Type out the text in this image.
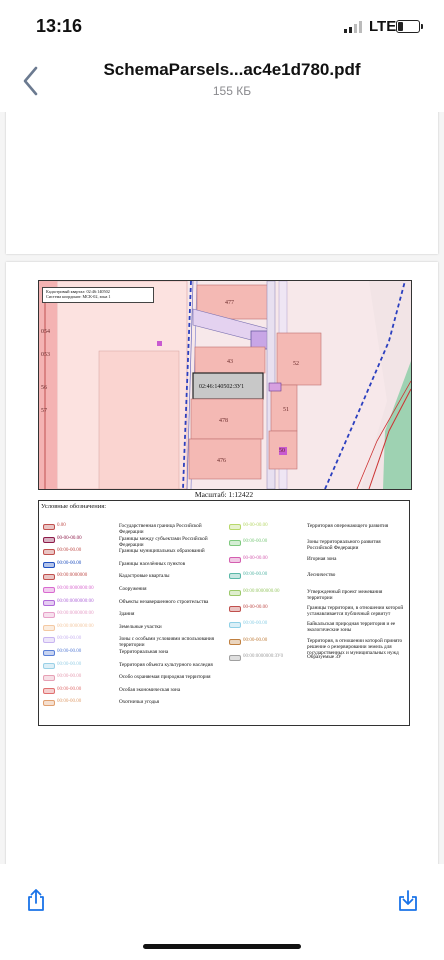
13:16	LTE
SchemaParsels...ac4e1d780.pdf
155 КБ
477
43	52
51
478
476
50
054
053
56
57
02:46:140502:ЗУ1
Кадастровый квартал: 02:46:140502
Система координат: МСК-02, зона 1
Масштаб: 1:12422
Условные обозначения:
0.00	Государственная граница Российской Федерации
00-00-00.00	Границы между субъектами Российской Федерации
00:00-00.00	Границы муниципальных образований
00:00-00.00	Границы населённых пунктов
00:00:0000000	Кадастровые кварталы
00:00:0000000:00	Сооружения
00:00:0000000:00	Объекты незавершенного строительства
00:00:0000000:00	Здания
00:00:0000000:00	Земельные участки
00:00-00.00	Зоны с особыми условиями использования территории
00:00-00.00	Территориальная зона
00:00-00.00	Территория объекта культурного наследия
00:00-00.00	Особо охраняемая природная территория
00:00-00.00	Особая экономическая зона
00:00-00.00	Охотничьи угодья
00-00-00.00	Территория опережающего развития
00:00-00.00	Зоны территориального развития Российской Федерации
00-00-00.00	Игорная зона
00:00-00.00	Лесничество
00:00:0000000.00	Утвержденный проект межевания территории
00-00-00.00	Границы территории, в отношении которой устанавливается публичный сервитут
00:00-00.00	Байкальская природная территория и ее экологические зоны
00:00-00.00	Территория, в отношении которой принято решение о резервировании земель для государственных и муниципальных нужд
00:00:0000000:ЗУ0	Образуемые ЗУ
